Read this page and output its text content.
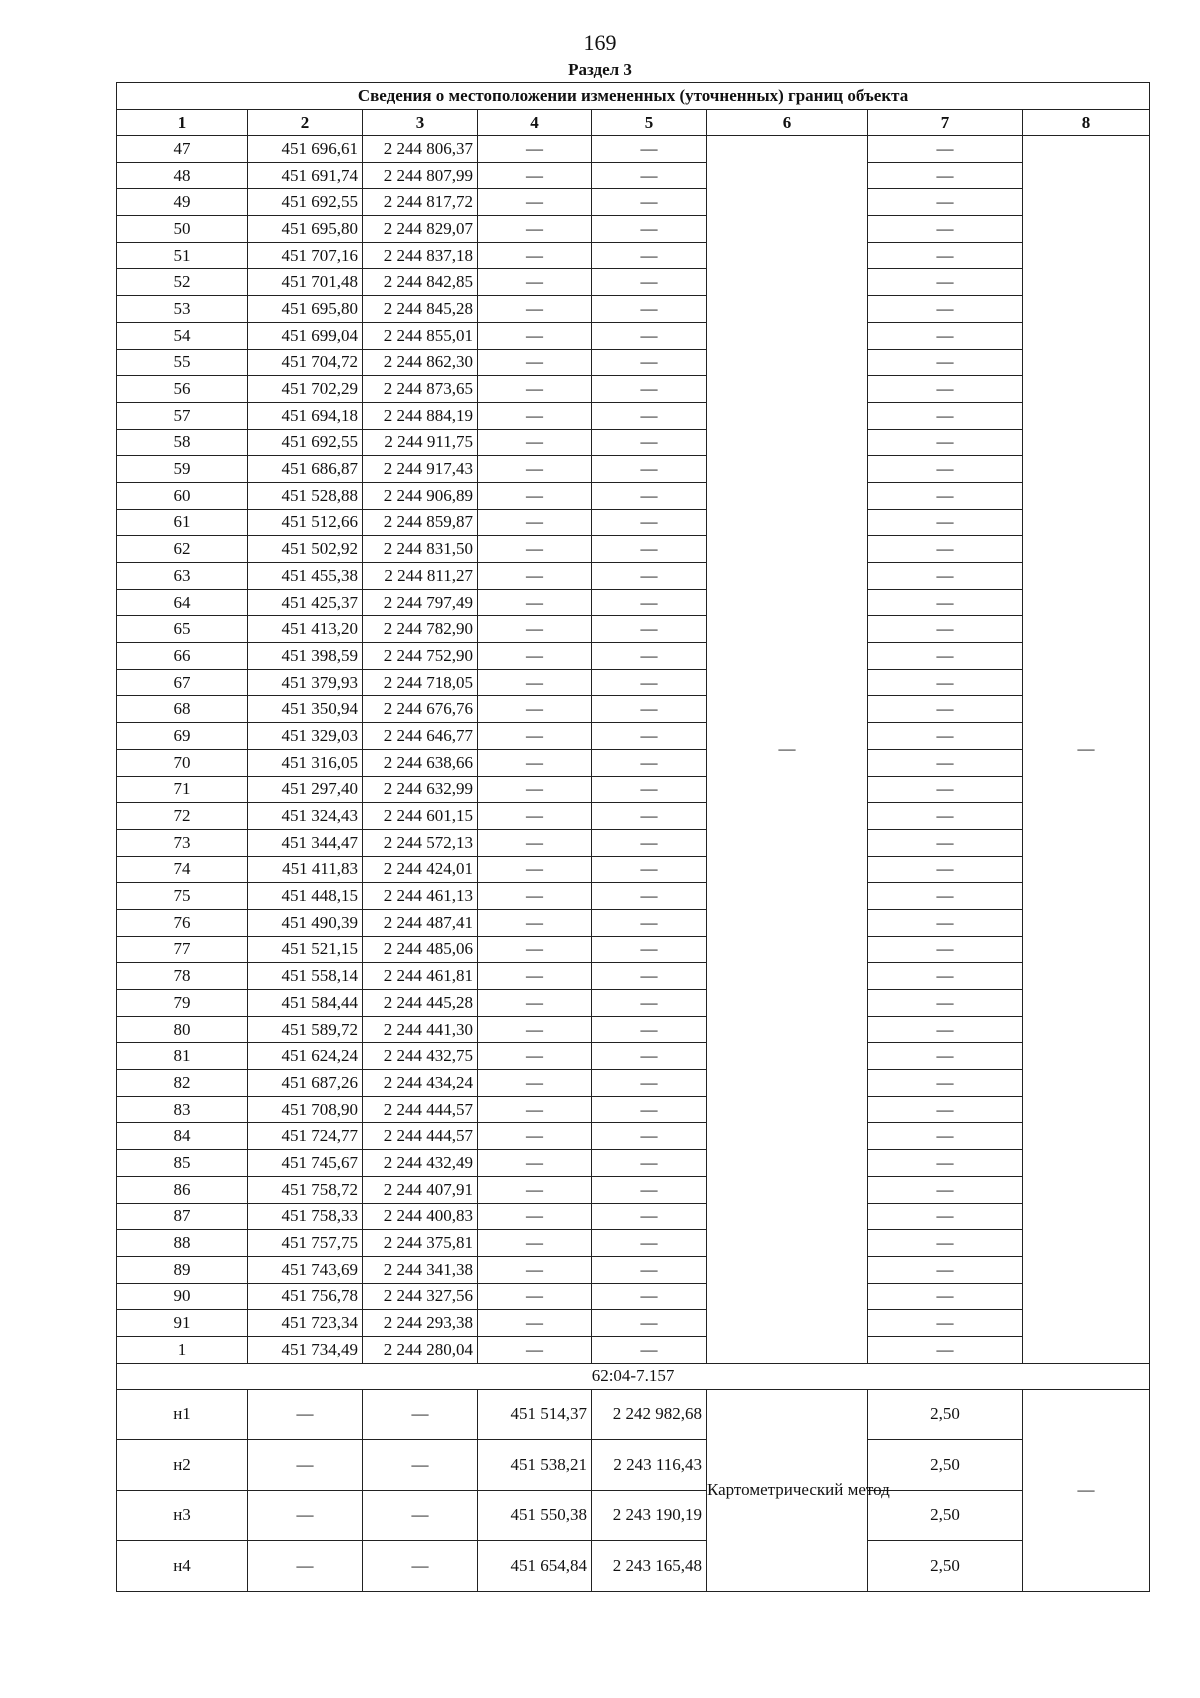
169
Раздел 3
Сведения о местоположении измененных (уточненных) границ объекта							
1	2	3	4	5	6	7	8
47	451 696,61	2 244 806,37	—	—	—	—	—
48	451 691,74	2 244 807,99	—	—		—	
49	451 692,55	2 244 817,72	—	—		—	
50	451 695,80	2 244 829,07	—	—		—	
51	451 707,16	2 244 837,18	—	—		—	
52	451 701,48	2 244 842,85	—	—		—	
53	451 695,80	2 244 845,28	—	—		—	
54	451 699,04	2 244 855,01	—	—		—	
55	451 704,72	2 244 862,30	—	—		—	
56	451 702,29	2 244 873,65	—	—		—	
57	451 694,18	2 244 884,19	—	—		—	
58	451 692,55	2 244 911,75	—	—		—	
59	451 686,87	2 244 917,43	—	—		—	
60	451 528,88	2 244 906,89	—	—		—	
61	451 512,66	2 244 859,87	—	—		—	
62	451 502,92	2 244 831,50	—	—		—	
63	451 455,38	2 244 811,27	—	—		—	
64	451 425,37	2 244 797,49	—	—		—	
65	451 413,20	2 244 782,90	—	—		—	
66	451 398,59	2 244 752,90	—	—		—	
67	451 379,93	2 244 718,05	—	—		—	
68	451 350,94	2 244 676,76	—	—		—	
69	451 329,03	2 244 646,77	—	—		—	
70	451 316,05	2 244 638,66	—	—		—	
71	451 297,40	2 244 632,99	—	—		—	
72	451 324,43	2 244 601,15	—	—		—	
73	451 344,47	2 244 572,13	—	—		—	
74	451 411,83	2 244 424,01	—	—		—	
75	451 448,15	2 244 461,13	—	—		—	
76	451 490,39	2 244 487,41	—	—		—	
77	451 521,15	2 244 485,06	—	—		—	
78	451 558,14	2 244 461,81	—	—		—	
79	451 584,44	2 244 445,28	—	—		—	
80	451 589,72	2 244 441,30	—	—		—	
81	451 624,24	2 244 432,75	—	—		—	
82	451 687,26	2 244 434,24	—	—		—	
83	451 708,90	2 244 444,57	—	—		—	
84	451 724,77	2 244 444,57	—	—		—	
85	451 745,67	2 244 432,49	—	—		—	
86	451 758,72	2 244 407,91	—	—		—	
87	451 758,33	2 244 400,83	—	—		—	
88	451 757,75	2 244 375,81	—	—		—	
89	451 743,69	2 244 341,38	—	—		—	
90	451 756,78	2 244 327,56	—	—		—	
91	451 723,34	2 244 293,38	—	—		—	
1	451 734,49	2 244 280,04	—	—		—	
62:04-7.157							
н1	—	—	451 514,37	2 242 982,68	Картометрический метод	2,50	—
н2	—	—	451 538,21	2 243 116,43		2,50	
н3	—	—	451 550,38	2 243 190,19		2,50	
н4	—	—	451 654,84	2 243 165,48		2,50	
